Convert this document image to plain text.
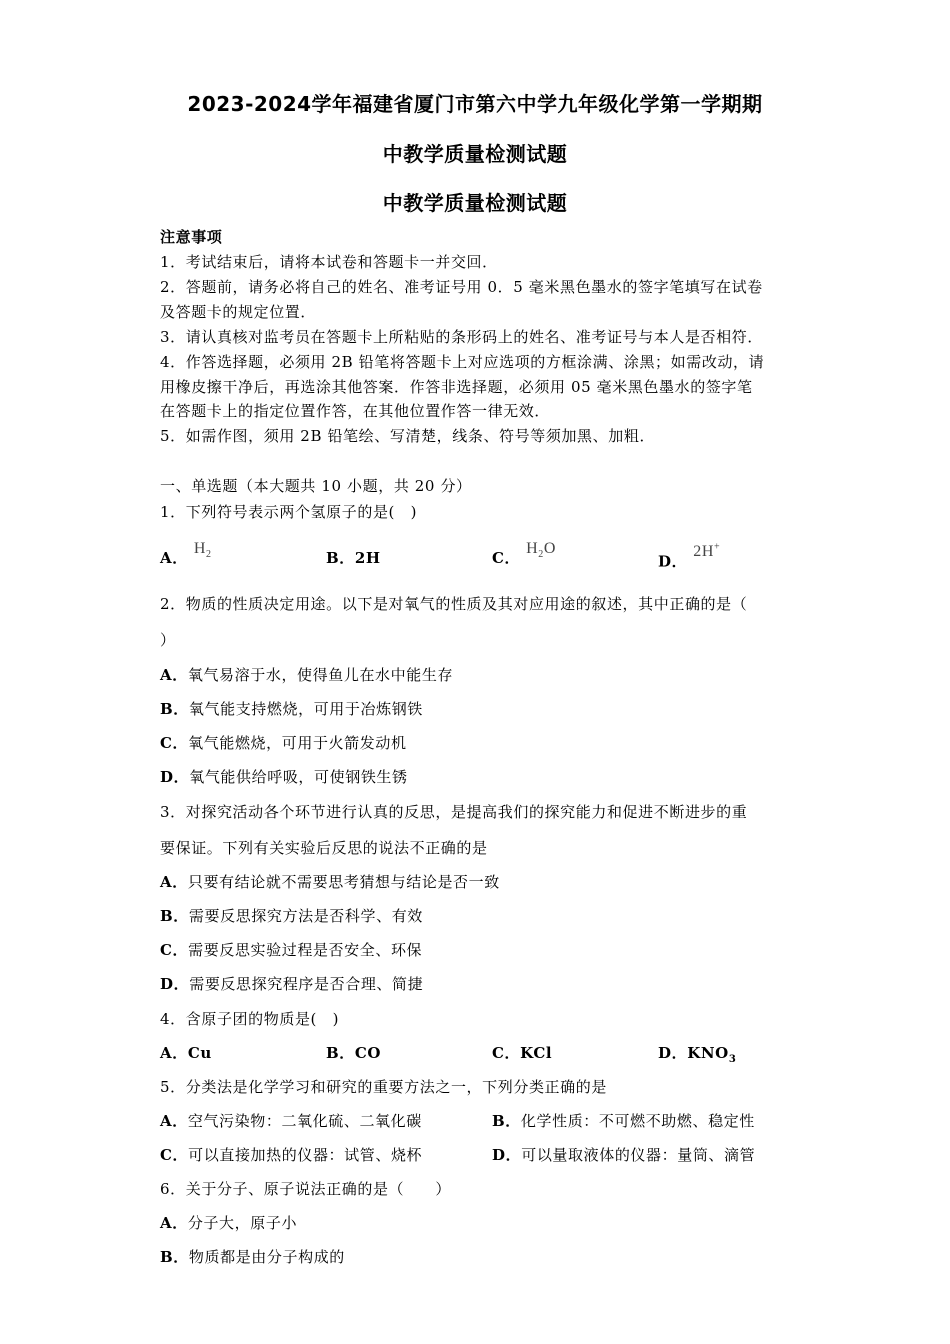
2023-2024学年福建省厦门市第六中学九年级化学第一学期期
中教学质量检测试题
中教学质量检测试题
注意事项
1．考试结束后，请将本试卷和答题卡一并交回．
2．答题前，请务必将自己的姓名、准考证号用 0．5 毫米黑色墨水的签字笔填写在试卷
及答题卡的规定位置．
3．请认真核对监考员在答题卡上所粘贴的条形码上的姓名、准考证号与本人是否相符．
4．作答选择题，必须用 2B 铅笔将答题卡上对应选项的方框涂满、涂黑；如需改动，请
用橡皮擦干净后，再选涂其他答案．作答非选择题，必须用 05 毫米黑色墨水的签字笔
在答题卡上的指定位置作答，在其他位置作答一律无效．
5．如需作图，须用 2B 铅笔绘、写清楚，线条、符号等须加黑、加粗．
一、单选题（本大题共 10 小题，共 20 分）
1．下列符号表示两个氢原子的是(　)
A．$H_2$	B．2H	C．$H_2O$
D．2H+
2．物质的性质决定用途。以下是对氧气的性质及其对应用途的叙述，其中正确的是（
）
A．氧气易溶于水，使得鱼儿在水中能生存
B．氧气能支持燃烧，可用于冶炼钢铁
C．氧气能燃烧，可用于火箭发动机
D．氧气能供给呼吸，可使钢铁生锈
3．对探究活动各个环节进行认真的反思，是提高我们的探究能力和促进不断进步的重
要保证。下列有关实验后反思的说法不正确的是
A．只要有结论就不需要思考猜想与结论是否一致
B．需要反思探究方法是否科学、有效
C．需要反思实验过程是否安全、环保
D．需要反思探究程序是否合理、简捷
4．含原子团的物质是(　)
A．Cu	B．CO	C．KCl	D．$KNO_3$
5．分类法是化学学习和研究的重要方法之一，下列分类正确的是
A．空气污染物：二氧化硫、二氧化碳	B．化学性质：不可燃不助燃、稳定性
C．可以直接加热的仪器：试管、烧杯	D．可以量取液体的仪器：量筒、滴管
6．关于分子、原子说法正确的是（　　）
A．分子大，原子小
B．物质都是由分子构成的
